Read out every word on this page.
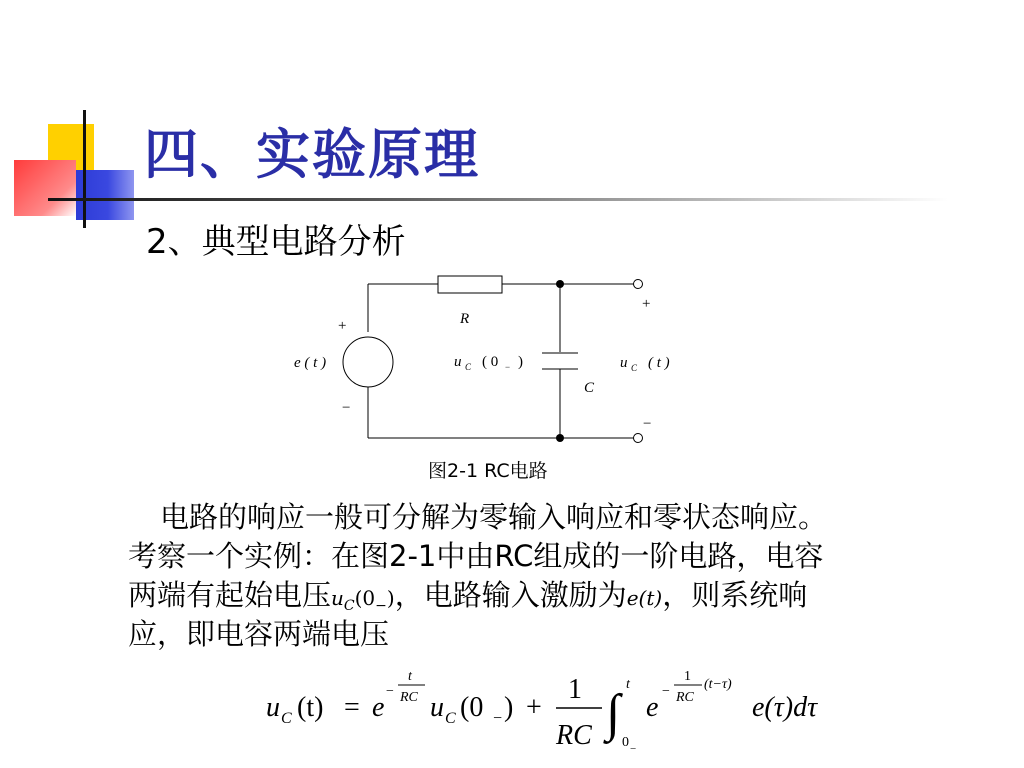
四、实验原理
2、典型电路分析
R
C
e ( t )
+
−
u C ( 0 − )	u C ( t )
+
−
图2-1 RC电路
电路的响应一般可分解为零输入响应和零状态响应。
考察一个实例：在图2-1中由RC组成的一阶电路，电容
两端有起始电压$u_C(0_-)$，电路输入激励为e(t)，则系统响
应，即电容两端电压
u C (t) = e
−
t
RC u C (0 − ) +
1
RC ∫
t
0 −
e
−
1
RC
(t−τ)
e(τ)dτ
